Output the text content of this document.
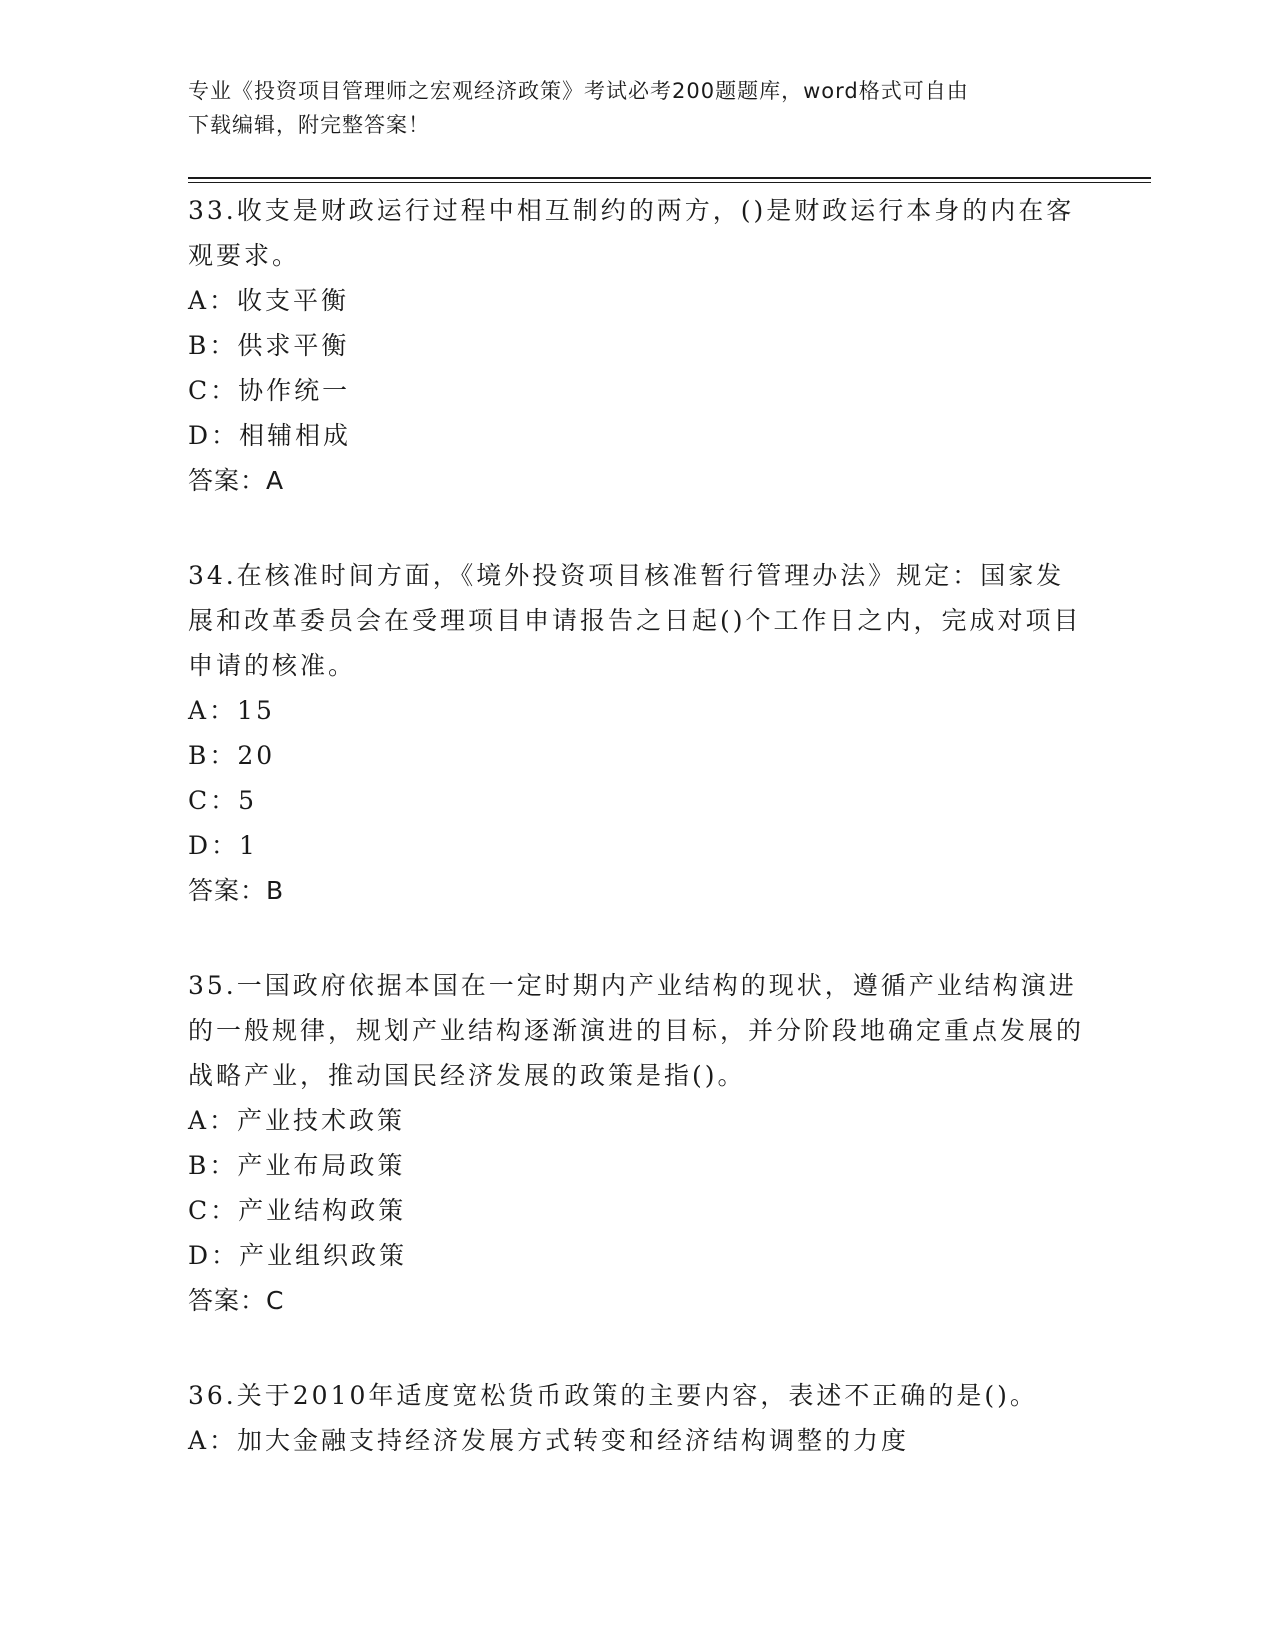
专业《投资项目管理师之宏观经济政策》考试必考200题题库，word格式可自由
下载编辑，附完整答案！

33.收支是财政运行过程中相互制约的两方，()是财政运行本身的内在客观要求。

A：收支平衡

B：供求平衡

C：协作统一

D：相辅相成

答案：A

34.在核准时间方面，《境外投资项目核准暂行管理办法》规定：国家发展和改革委员会在受理项目申请报告之日起()个工作日之内，完成对项目申请的核准。

A：15

B：20

C：5

D：1

答案：B

35.一国政府依据本国在一定时期内产业结构的现状，遵循产业结构演进的一般规律，规划产业结构逐渐演进的目标，并分阶段地确定重点发展的战略产业，推动国民经济发展的政策是指()。

A：产业技术政策

B：产业布局政策

C：产业结构政策

D：产业组织政策

答案：C

36.关于2010年适度宽松货币政策的主要内容，表述不正确的是()。

A：加大金融支持经济发展方式转变和经济结构调整的力度
